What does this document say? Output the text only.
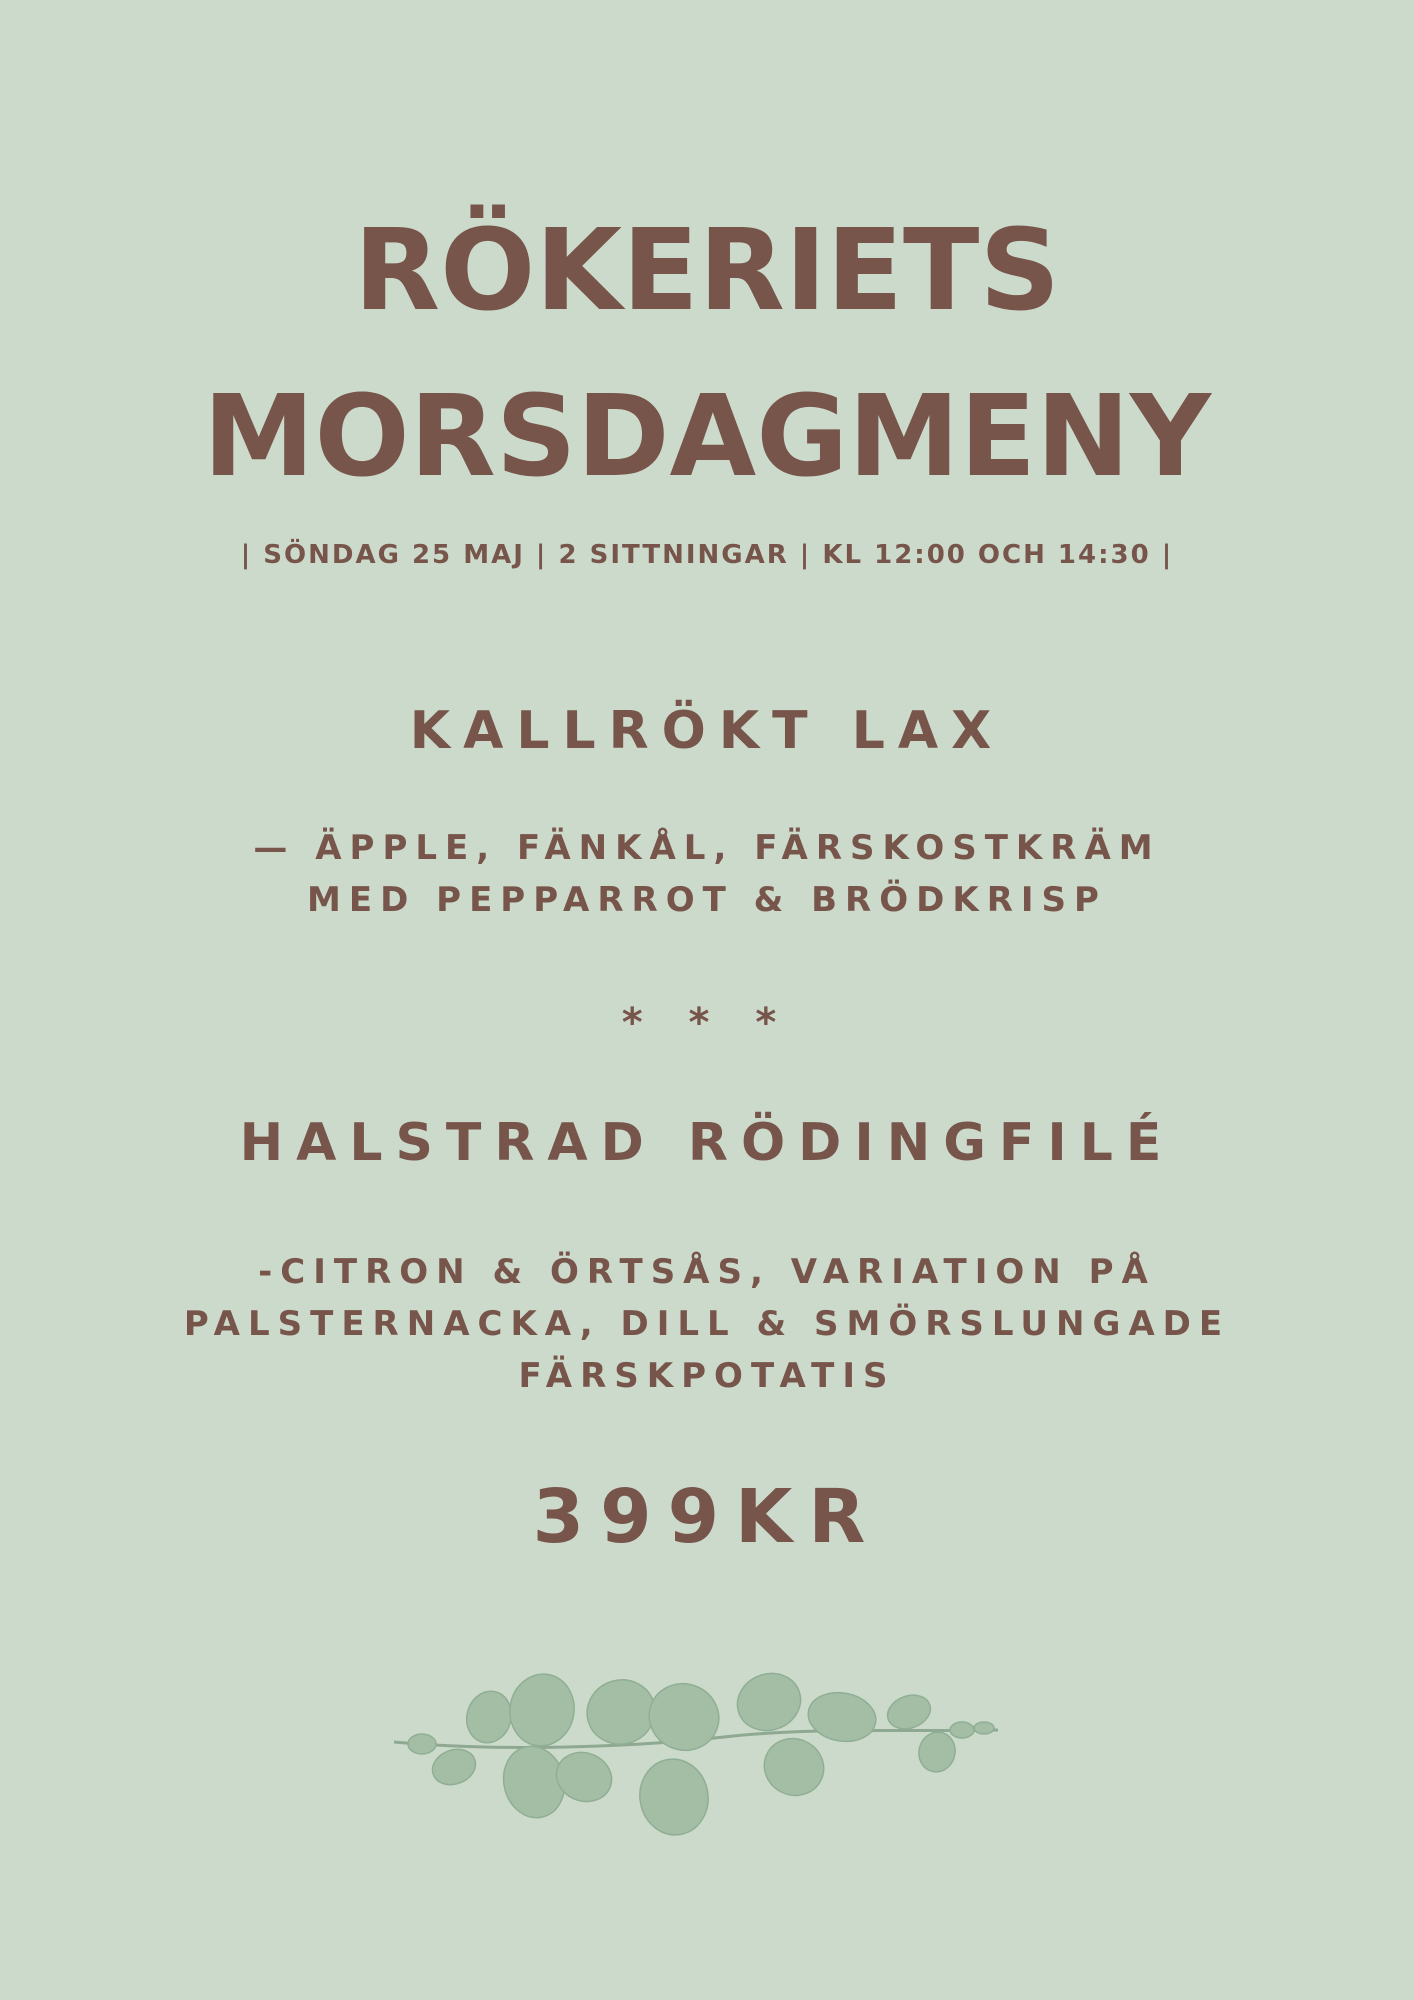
RÖKERIETS
MORSDAGMENY
| SÖNDAG 25 MAJ | 2 SITTNINGAR | KL 12:00 OCH 14:30 |
KALLRÖKT LAX
— ÄPPLE, FÄNKÅL, FÄRSKOSTKRÄM
MED PEPPARROT & BRÖDKRISP
* * *
HALSTRAD RÖDINGFILÉ
-CITRON & ÖRTSÅS, VARIATION PÅ
PALSTERNACKA, DILL & SMÖRSLUNGADE
FÄRSKPOTATIS
399KR
